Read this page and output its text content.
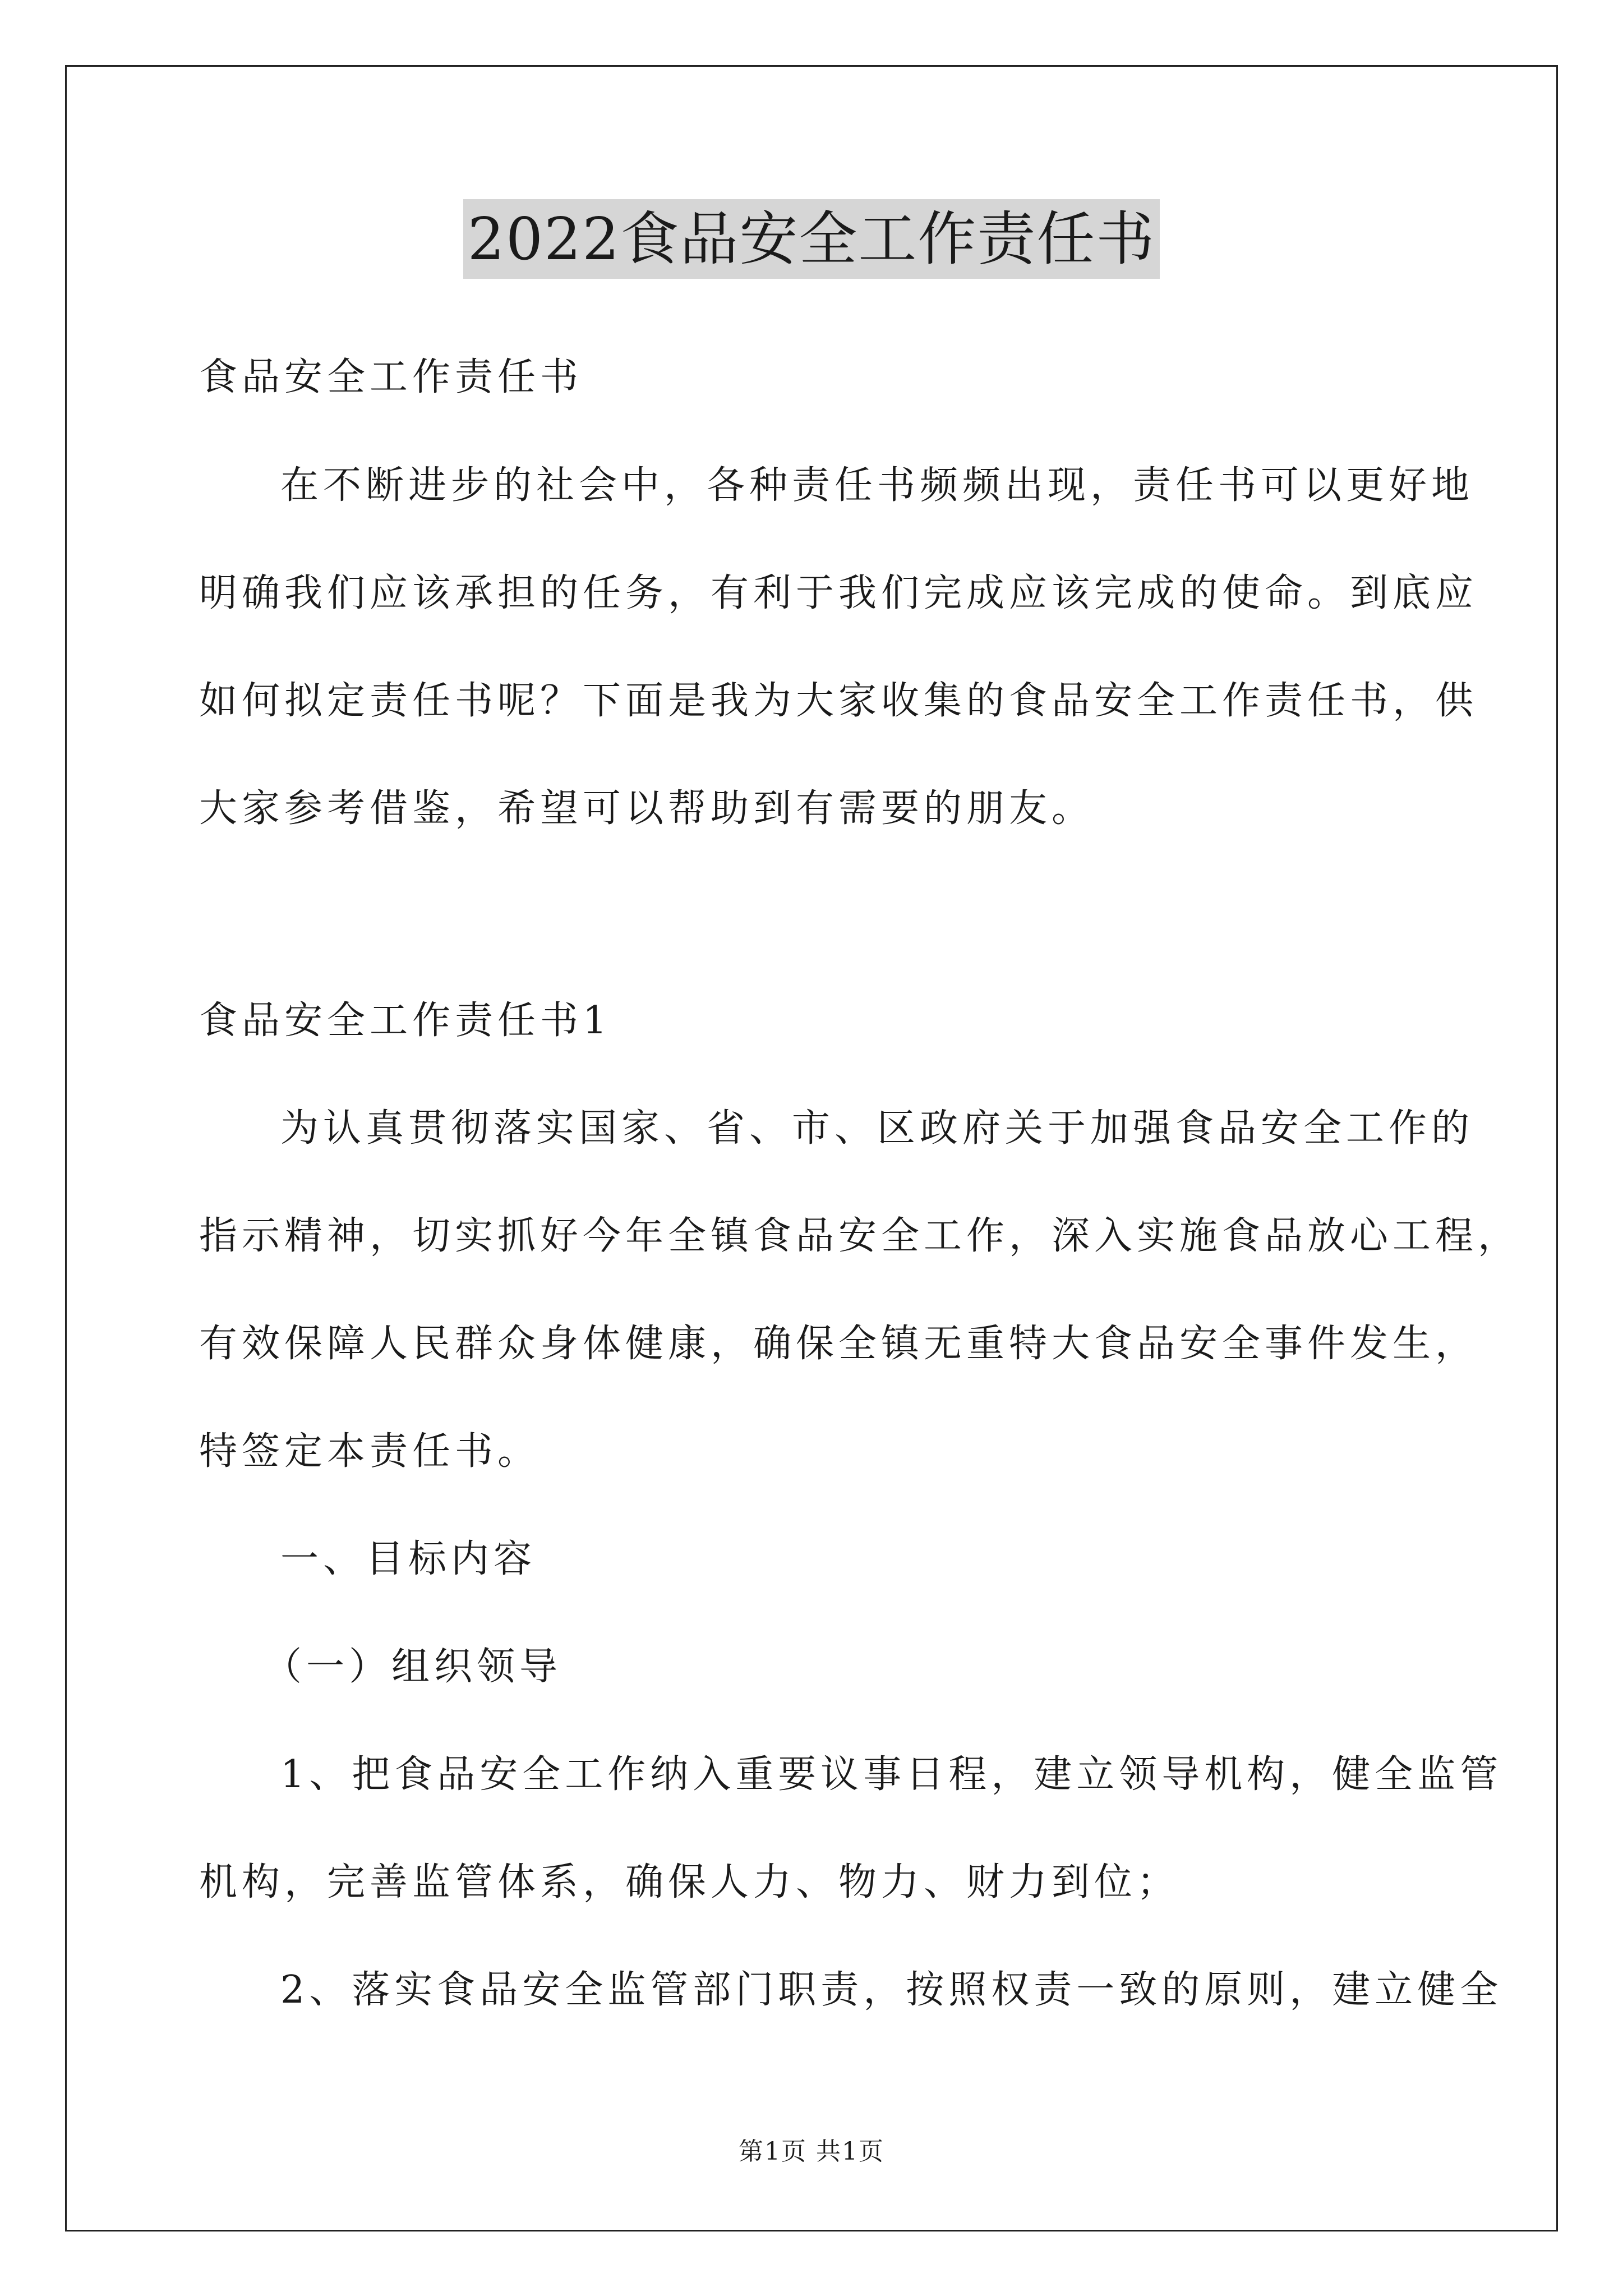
2022食品安全工作责任书
食品安全工作责任书
在不断进步的社会中，各种责任书频频出现，责任书可以更好地
明确我们应该承担的任务，有利于我们完成应该完成的使命。到底应
如何拟定责任书呢？下面是我为大家收集的食品安全工作责任书，供
大家参考借鉴，希望可以帮助到有需要的朋友。
食品安全工作责任书1
为认真贯彻落实国家、省、市、区政府关于加强食品安全工作的
指示精神，切实抓好今年全镇食品安全工作，深入实施食品放心工程，
有效保障人民群众身体健康，确保全镇无重特大食品安全事件发生，
特签定本责任书。
一、目标内容
（一）组织领导
1、把食品安全工作纳入重要议事日程，建立领导机构，健全监管
机构，完善监管体系，确保人力、物力、财力到位；
2、落实食品安全监管部门职责，按照权责一致的原则，建立健全
第1页 共1页
